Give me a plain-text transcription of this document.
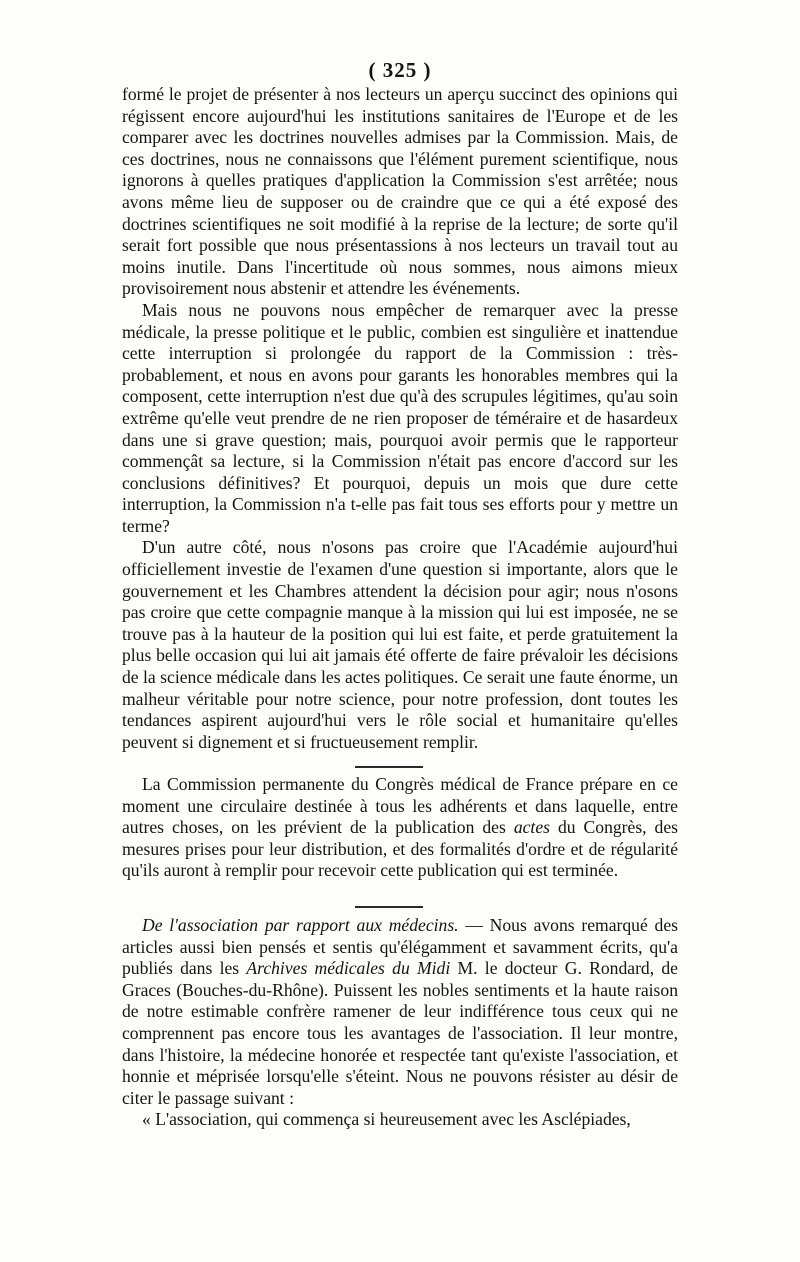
( 325 )

formé le projet de présenter à nos lecteurs un aperçu succinct des opinions qui régissent encore aujourd'hui les institutions sanitaires de l'Europe et de les comparer avec les doctrines nouvelles admises par la Commission. Mais, de ces doctrines, nous ne connaissons que l'élément purement scientifique, nous ignorons à quelles pratiques d'application la Commission s'est arrêtée; nous avons même lieu de supposer ou de craindre que ce qui a été exposé des doctrines scientifiques ne soit modifié à la reprise de la lecture; de sorte qu'il serait fort possible que nous présentassions à nos lecteurs un travail tout au moins inutile. Dans l'incertitude où nous sommes, nous aimons mieux provisoirement nous abstenir et attendre les événements.

Mais nous ne pouvons nous empêcher de remarquer avec la presse médicale, la presse politique et le public, combien est singulière et inattendue cette interruption si prolongée du rapport de la Commission : très-probablement, et nous en avons pour garants les honorables membres qui la composent, cette interruption n'est due qu'à des scrupules légitimes, qu'au soin extrême qu'elle veut prendre de ne rien proposer de téméraire et de hasardeux dans une si grave question; mais, pourquoi avoir permis que le rapporteur commençât sa lecture, si la Commission n'était pas encore d'accord sur les conclusions définitives? Et pourquoi, depuis un mois que dure cette interruption, la Commission n'a t-elle pas fait tous ses efforts pour y mettre un terme?

D'un autre côté, nous n'osons pas croire que l'Académie aujourd'hui officiellement investie de l'examen d'une question si importante, alors que le gouvernement et les Chambres attendent la décision pour agir; nous n'osons pas croire que cette compagnie manque à la mission qui lui est imposée, ne se trouve pas à la hauteur de la position qui lui est faite, et perde gratuitement la plus belle occasion qui lui ait jamais été offerte de faire prévaloir les décisions de la science médicale dans les actes politiques. Ce serait une faute énorme, un malheur véritable pour notre science, pour notre profession, dont toutes les tendances aspirent aujourd'hui vers le rôle social et humanitaire qu'elles peuvent si dignement et si fructueusement remplir.

La Commission permanente du Congrès médical de France prépare en ce moment une circulaire destinée à tous les adhérents et dans laquelle, entre autres choses, on les prévient de la publication des actes du Congrès, des mesures prises pour leur distribution, et des formalités d'ordre et de régularité qu'ils auront à remplir pour recevoir cette publication qui est terminée.

De l'association par rapport aux médecins. — Nous avons remarqué des articles aussi bien pensés et sentis qu'élégamment et savamment écrits, qu'a publiés dans les Archives médicales du Midi M. le docteur G. Rondard, de Graces (Bouches-du-Rhône). Puissent les nobles sentiments et la haute raison de notre estimable confrère ramener de leur indifférence tous ceux qui ne comprennent pas encore tous les avantages de l'association. Il leur montre, dans l'histoire, la médecine honorée et respectée tant qu'existe l'association, et honnie et méprisée lorsqu'elle s'éteint. Nous ne pouvons résister au désir de citer le passage suivant :

« L'association, qui commença si heureusement avec les Asclépiades,
